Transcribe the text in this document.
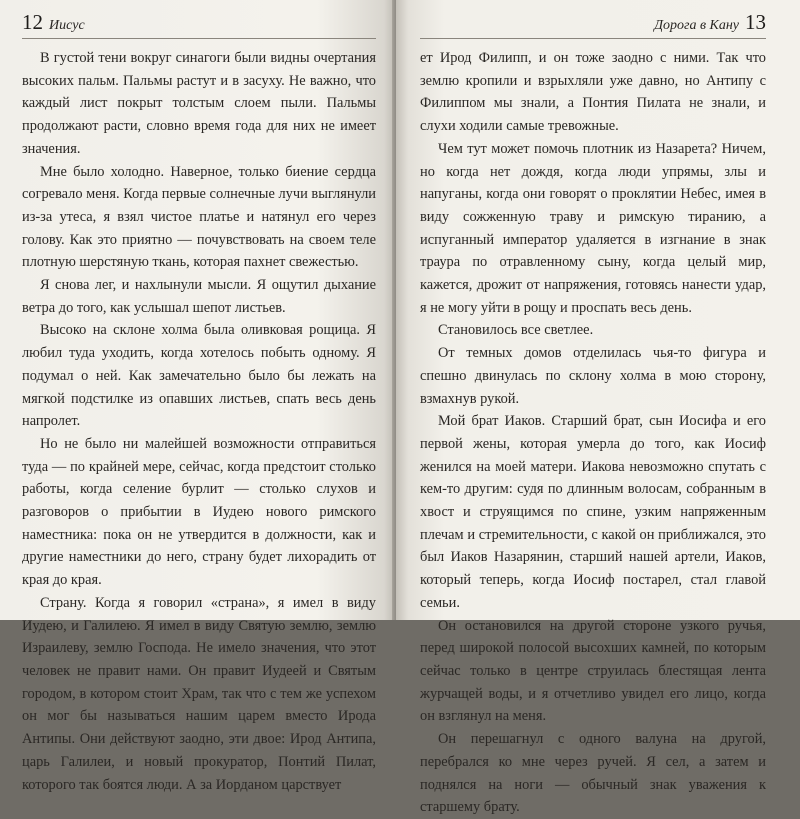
12 Иисус

В густой тени вокруг синагоги были видны очертания высоких пальм. Пальмы растут и в засуху. Не важно, что каждый лист покрыт толстым слоем пыли. Пальмы продолжают расти, словно время года для них не имеет значения.

Мне было холодно. Наверное, только биение сердца согревало меня. Когда первые солнечные лучи выглянули из-за утеса, я взял чистое платье и натянул его через голову. Как это приятно — почувствовать на своем теле плотную шерстяную ткань, которая пахнет свежестью.

Я снова лег, и нахлынули мысли. Я ощутил дыхание ветра до того, как услышал шепот листьев.

Высоко на склоне холма была оливковая рощица. Я любил туда уходить, когда хотелось побыть одному. Я подумал о ней. Как замечательно было бы лежать на мягкой подстилке из опавших листьев, спать весь день напролет.

Но не было ни малейшей возможности отправиться туда — по крайней мере, сейчас, когда предстоит столько работы, когда селение бурлит — столько слухов и разговоров о прибытии в Иудею нового римского наместника: пока он не утвердится в должности, как и другие наместники до него, страну будет лихорадить от края до края.

Страну. Когда я говорил «страна», я имел в виду Иудею, и Галилею. Я имел в виду Святую землю, землю Израилеву, землю Господа. Не имело значения, что этот человек не правит нами. Он правит Иудеей и Святым городом, в котором стоит Храм, так что с тем же успехом он мог бы называться нашим царем вместо Ирода Антипы. Они действуют заодно, эти двое: Ирод Антипа, царь Галилеи, и новый прокуратор, Понтий Пилат, которого так боятся люди. А за Иорданом царствует

Дорога в Кану 13

ет Ирод Филипп, и он тоже заодно с ними. Так что землю кропили и взрыхляли уже давно, но Антипу с Филиппом мы знали, а Понтия Пилата не знали, и слухи ходили самые тревожные.

Чем тут может помочь плотник из Назарета? Ничем, но когда нет дождя, когда люди упрямы, злы и напуганы, когда они говорят о проклятии Небес, имея в виду сожженную траву и римскую тиранию, а испуганный император удаляется в изгнание в знак траура по отравленному сыну, когда целый мир, кажется, дрожит от напряжения, готовясь нанести удар, я не могу уйти в рощу и проспать весь день.

Становилось все светлее.

От темных домов отделилась чья-то фигура и спешно двинулась по склону холма в мою сторону, взмахнув рукой.

Мой брат Иаков. Старший брат, сын Иосифа и его первой жены, которая умерла до того, как Иосиф женился на моей матери. Иакова невозможно спутать с кем-то другим: судя по длинным волосам, собранным в хвост и струящимся по спине, узким напряженным плечам и стремительности, с какой он приближался, это был Иаков Назарянин, старший нашей артели, Иаков, который теперь, когда Иосиф постарел, стал главой семьи.

Он остановился на другой стороне узкого ручья, перед широкой полосой высохших камней, по которым сейчас только в центре струилась блестящая лента журчащей воды, и я отчетливо увидел его лицо, когда он взглянул на меня.

Он перешагнул с одного валуна на другой, перебрался ко мне через ручей. Я сел, а затем и поднялся на ноги — обычный знак уважения к старшему брату.
